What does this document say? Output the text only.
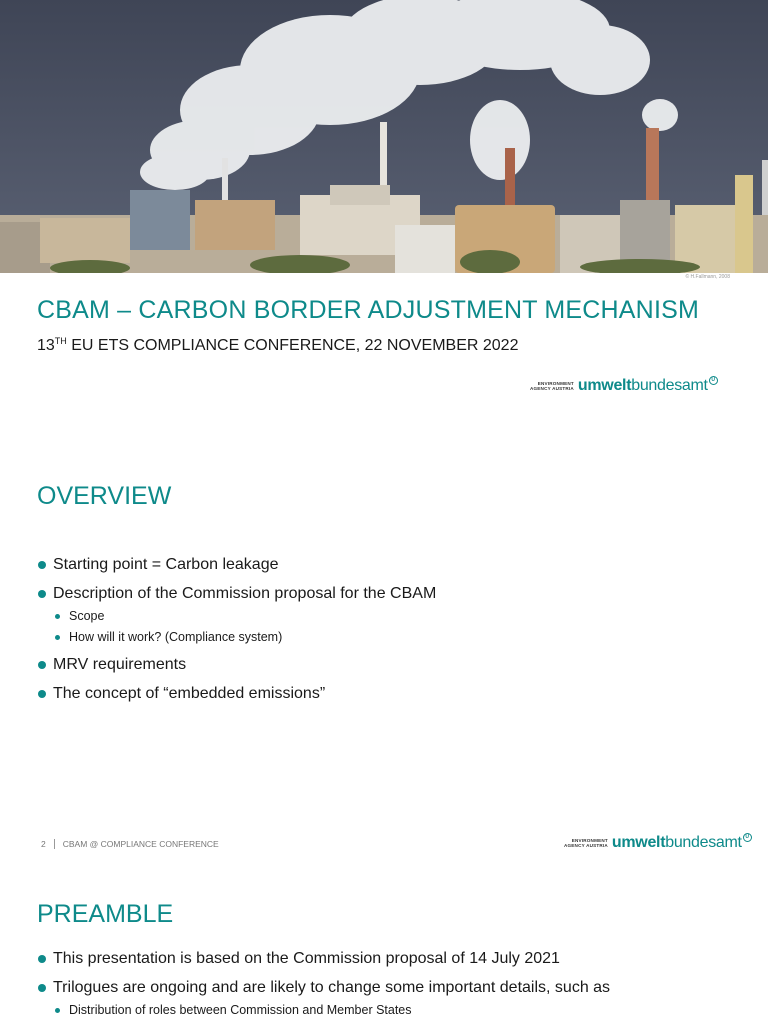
© H.Fallmann, 2008
CBAM – CARBON BORDER ADJUSTMENT MECHANISM

13TH EU ETS COMPLIANCE CONFERENCE, 22 NOVEMBER 2022

ENVIRONMENT
AGENCY AUSTRIA umwelt bundesamt U
OVERVIEW
Starting point = Carbon leakage
Description of the Commission proposal for the CBAM
Scope
How will it work? (Compliance system)
MRV requirements
The concept of “embedded emissions”
2 CBAM @ COMPLIANCE CONFERENCE	ENVIRONMENT
AGENCY AUSTRIA umwelt bundesamt U
PREAMBLE
This presentation is based on the Commission proposal of 14 July 2021
Trilogues are ongoing and are likely to change some important details, such as
Distribution of roles between Commission and Member States
